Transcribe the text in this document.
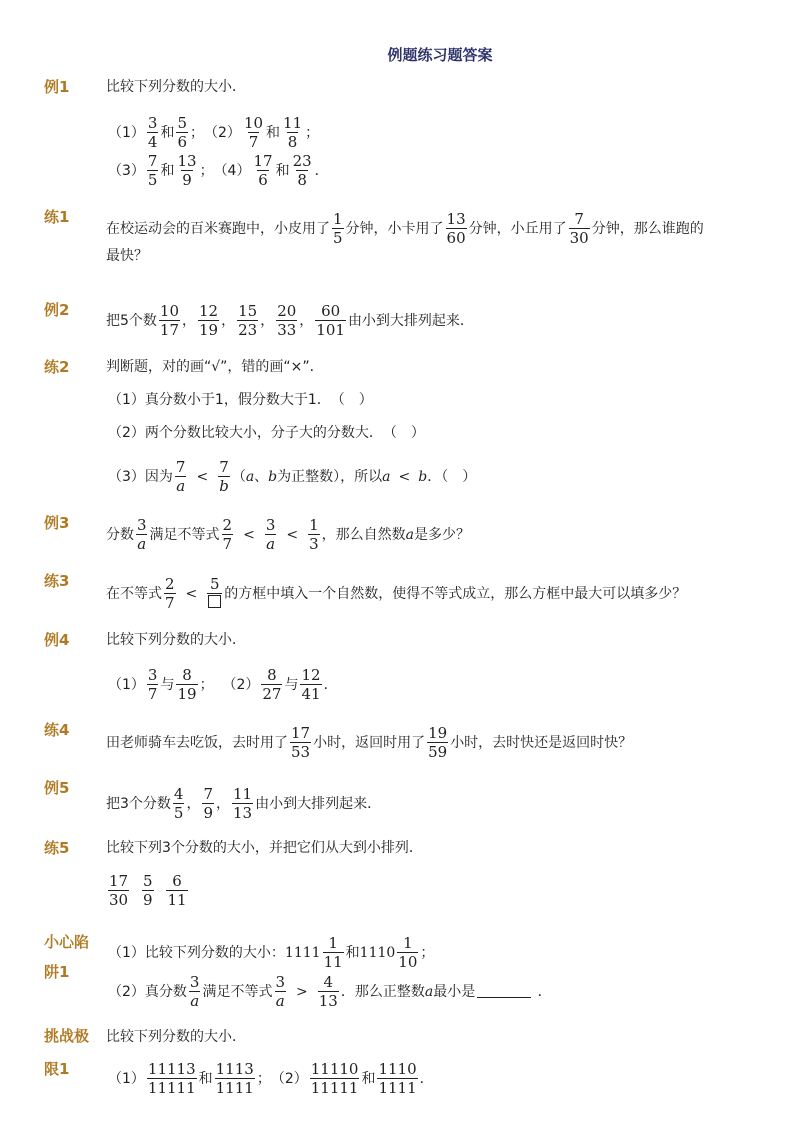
例题练习题答案
例1	比较下列分数的大小．
$(1) \frac{3}{4}$ 和 $\frac{5}{6}$ ； $(2) \frac{10}{7}$ 和 $\frac{11}{8}$ ；
$(3) \frac{7}{5}$ 和 $\frac{13}{9}$ ； $(4) \frac{17}{6}$ 和 $\frac{23}{8}$ ．
练1
在校运动会的百米赛跑中，小皮用了 $\frac{1}{5}$ 分钟，小卡用了 $\frac{13}{60}$ 分钟，小丘用了 $\frac{7}{30}$ 分钟，那么谁跑的
最快？
例2
把5个数 $\frac{10}{17}$ ， $\frac{12}{19}$ ， $\frac{15}{23}$ ， $\frac{20}{33}$ ， $\frac{60}{101}$ 由小到大排列起来．
练2	判断题，对的画“√”，错的画“×”．
（1）真分数小于1，假分数大于1．　（　）
（2）两个分数比较大小，分子大的分数大．　（　）
（3）因为 $\frac{7}{a} < \frac{7}{b}$ （ a 、 b 为正整数），所以 a < b ．（　）
例3
分数 $\frac{3}{a}$ 满足不等式 $\frac{2}{7} < \frac{3}{a} < \frac{1}{3}$ ，那么自然数 a 是多少？
练3
在不等式 $\frac{2}{7}$ <
5
的方框中填入一个自然数，使得不等式成立，那么方框中最大可以填多少？
例4	比较下列分数的大小．
$(1) \frac{3}{7}$ 与 $\frac{8}{19}$ ；
$(2) \frac{8}{27}$ 与 $\frac{12}{41}$ ．
练4
田老师骑车去吃饭，去时用了 $\frac{17}{53}$ 小时，返回时用了 $\frac{19}{59}$ 小时，去时快还是返回时快？
例5
把3个分数 $\frac{4}{5}$ ， $\frac{7}{9}$ ， $\frac{11}{13}$ 由小到大排列起来．
练5	比较下列3个分数的大小，并把它们从大到小排列．
$\frac{17}{30}$
$\frac{5}{9}$
$\frac{6}{11}$
小心陷
阱1
（1）比较下列分数的大小： $1111 \frac{1}{11}$ 和 $1110 \frac{1}{10}$ ；
（2）真分数 $\frac{3}{a}$ 满足不等式 $\frac{3}{a} > \frac{4}{13}$ ．那么正整数 a 最小是
	．
挑战极
限1
比较下列分数的大小．
$(1) \frac{11113}{11111}$ 和 $\frac{1113}{1111}$ ； $(2) \frac{11110}{11111}$ 和 $\frac{1110}{1111}$ ．
